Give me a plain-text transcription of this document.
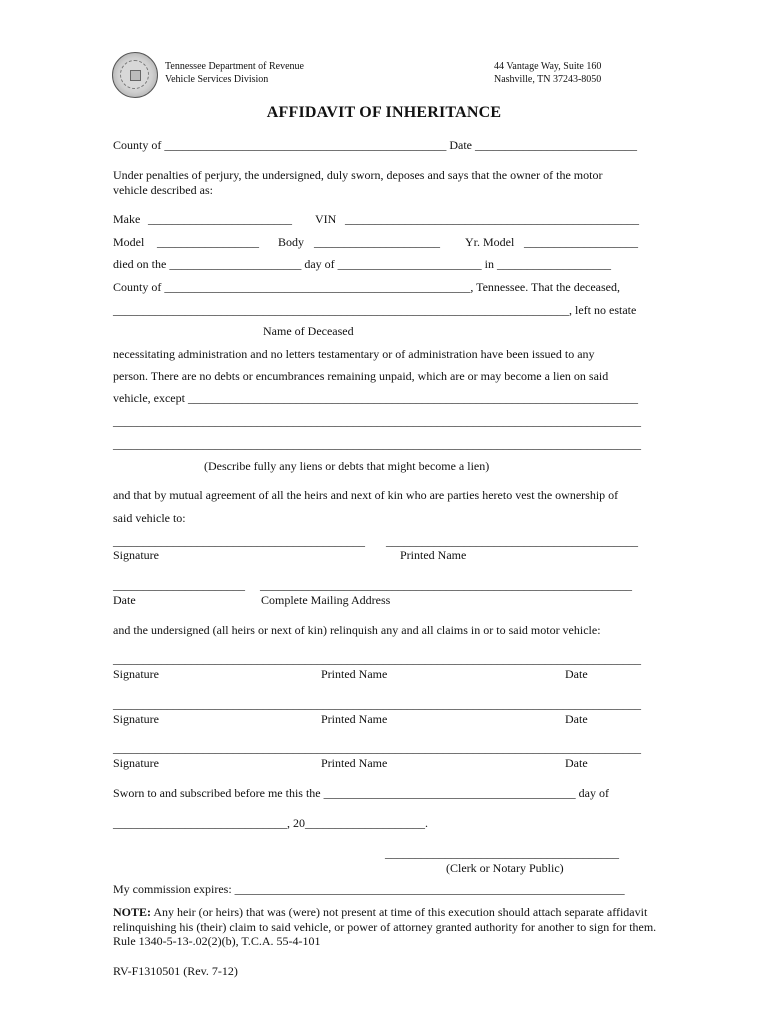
Tennessee Department of Revenue
Vehicle Services Division
44 Vantage Way, Suite 160
Nashville, TN 37243-8050
AFFIDAVIT OF INHERITANCE
County of _______________________________________________ Date ___________________________
Under penalties of perjury, the undersigned, duly sworn, deposes and says that the owner of the motor
vehicle described as:
Make ________________________ VIN _________________________________________________
Model _________________ Body _____________________ Yr. Model ___________________
died on the ______________________ day of ________________________ in ___________________
County of ___________________________________________________, Tennessee. That the deceased,
____________________________________________________________________________, left no estate
Name of Deceased
necessitating administration and no letters testamentary or of administration have been issued to any
person. There are no debts or encumbrances remaining unpaid, which are or may become a lien on said
vehicle, except ___________________________________________________________________________
________________________________________________________________________________________
________________________________________________________________________________________
(Describe fully any liens or debts that might become a lien)
and that by mutual agreement of all the heirs and next of kin who are parties hereto vest the ownership of
said vehicle to:
__________________________________________ __________________________________________
Signature	Printed Name
______________________ ______________________________________________________________
Date	Complete Mailing Address
and the undersigned (all heirs or next of kin) relinquish any and all claims in or to said motor vehicle:
________________________________________________________________________________________
Signature	Printed Name	Date
________________________________________________________________________________________
Signature	Printed Name	Date
________________________________________________________________________________________
Signature	Printed Name	Date
Sworn to and subscribed before me this the __________________________________________ day of
_____________________________, 20____________________.
_______________________________________
(Clerk or Notary Public)
My commission expires: _________________________________________________________________
NOTE: Any heir (or heirs) that was (were) not present at time of this execution should attach separate affidavit relinquishing his (their) claim to said vehicle, or power of attorney granted authority for another to sign for them. Rule 1340-5-13-.02(2)(b), T.C.A. 55-4-101
RV-F1310501 (Rev. 7-12)
